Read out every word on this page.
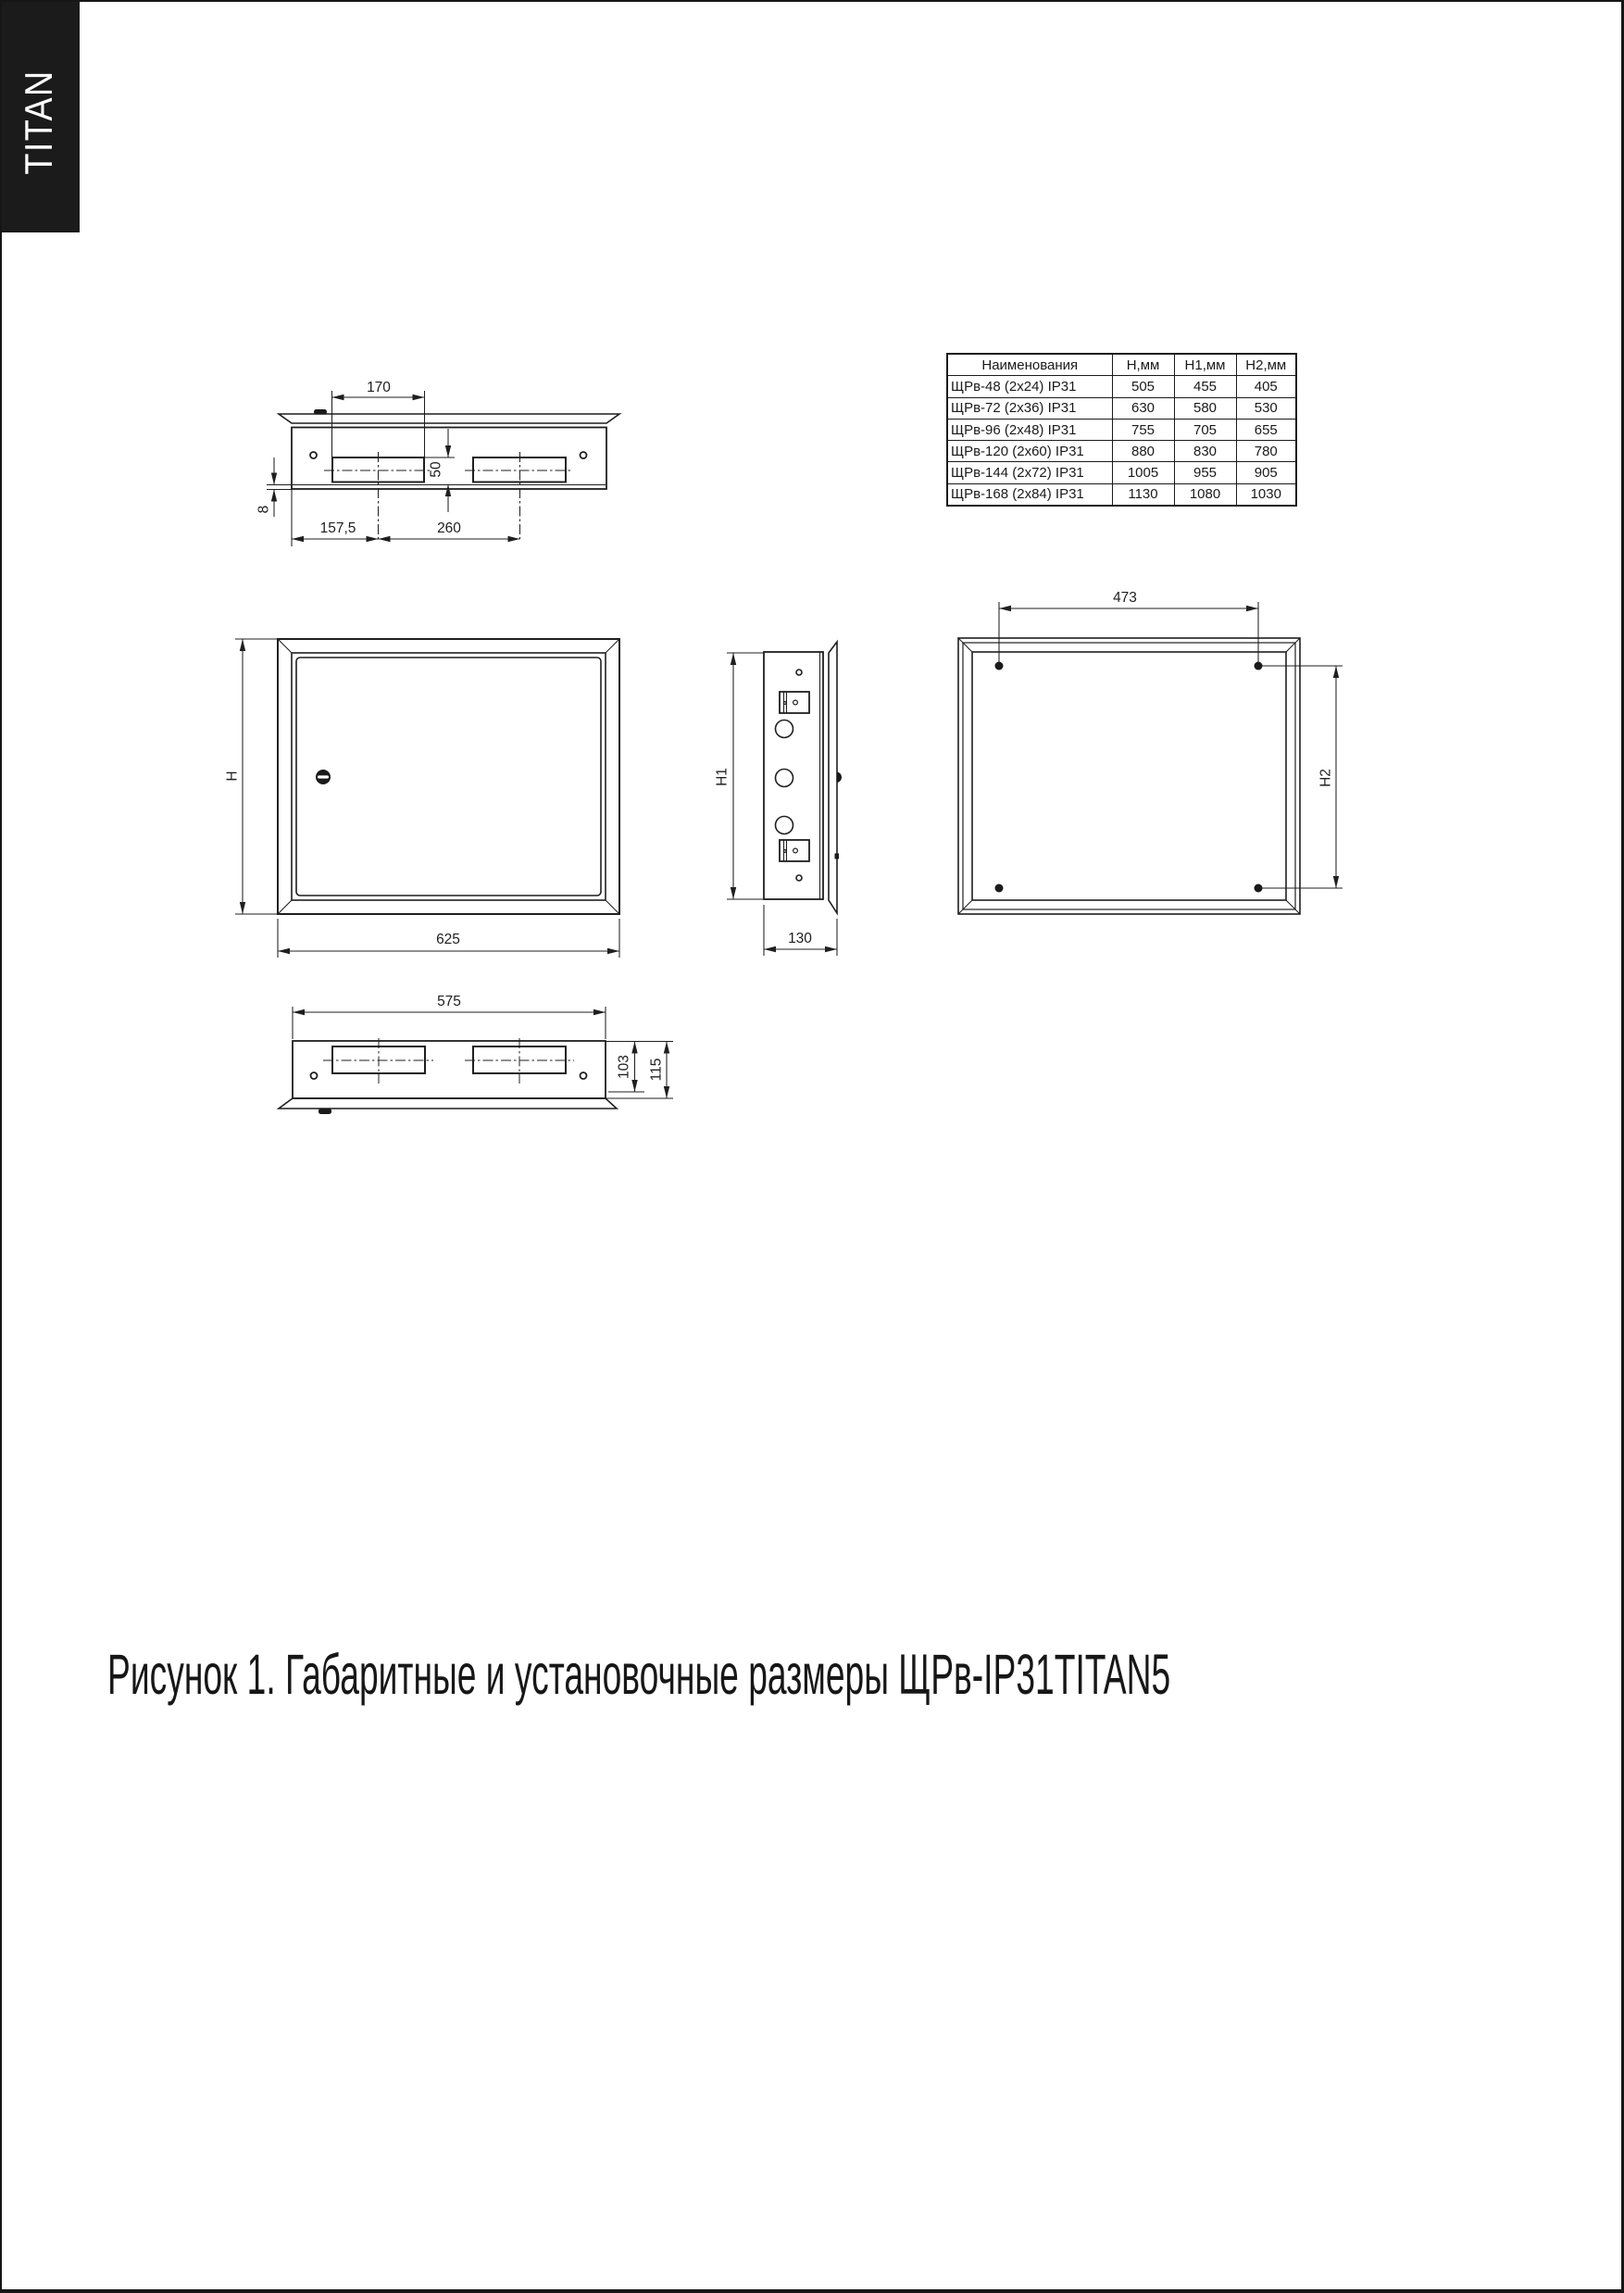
TITAN
Наименования	Н,мм	Н1,мм	Н2,мм
ЩРв-48 (2х24) IP31	505	455	405
ЩРв-72 (2х36) IP31	630	580	530
ЩРв-96 (2х48) IP31	755	705	655
ЩРв-120 (2х60) IP31	880	830	780
ЩРв-144 (2х72) IP31	1005	955	905
ЩРв-168 (2х84) IP31	1130	1080	1030
170
50
8
157,5	260
H
625
H1
130
473
H2
575
103 115
Рисунок 1. Габаритные и установочные размеры ЩРв-IP31TITAN5
